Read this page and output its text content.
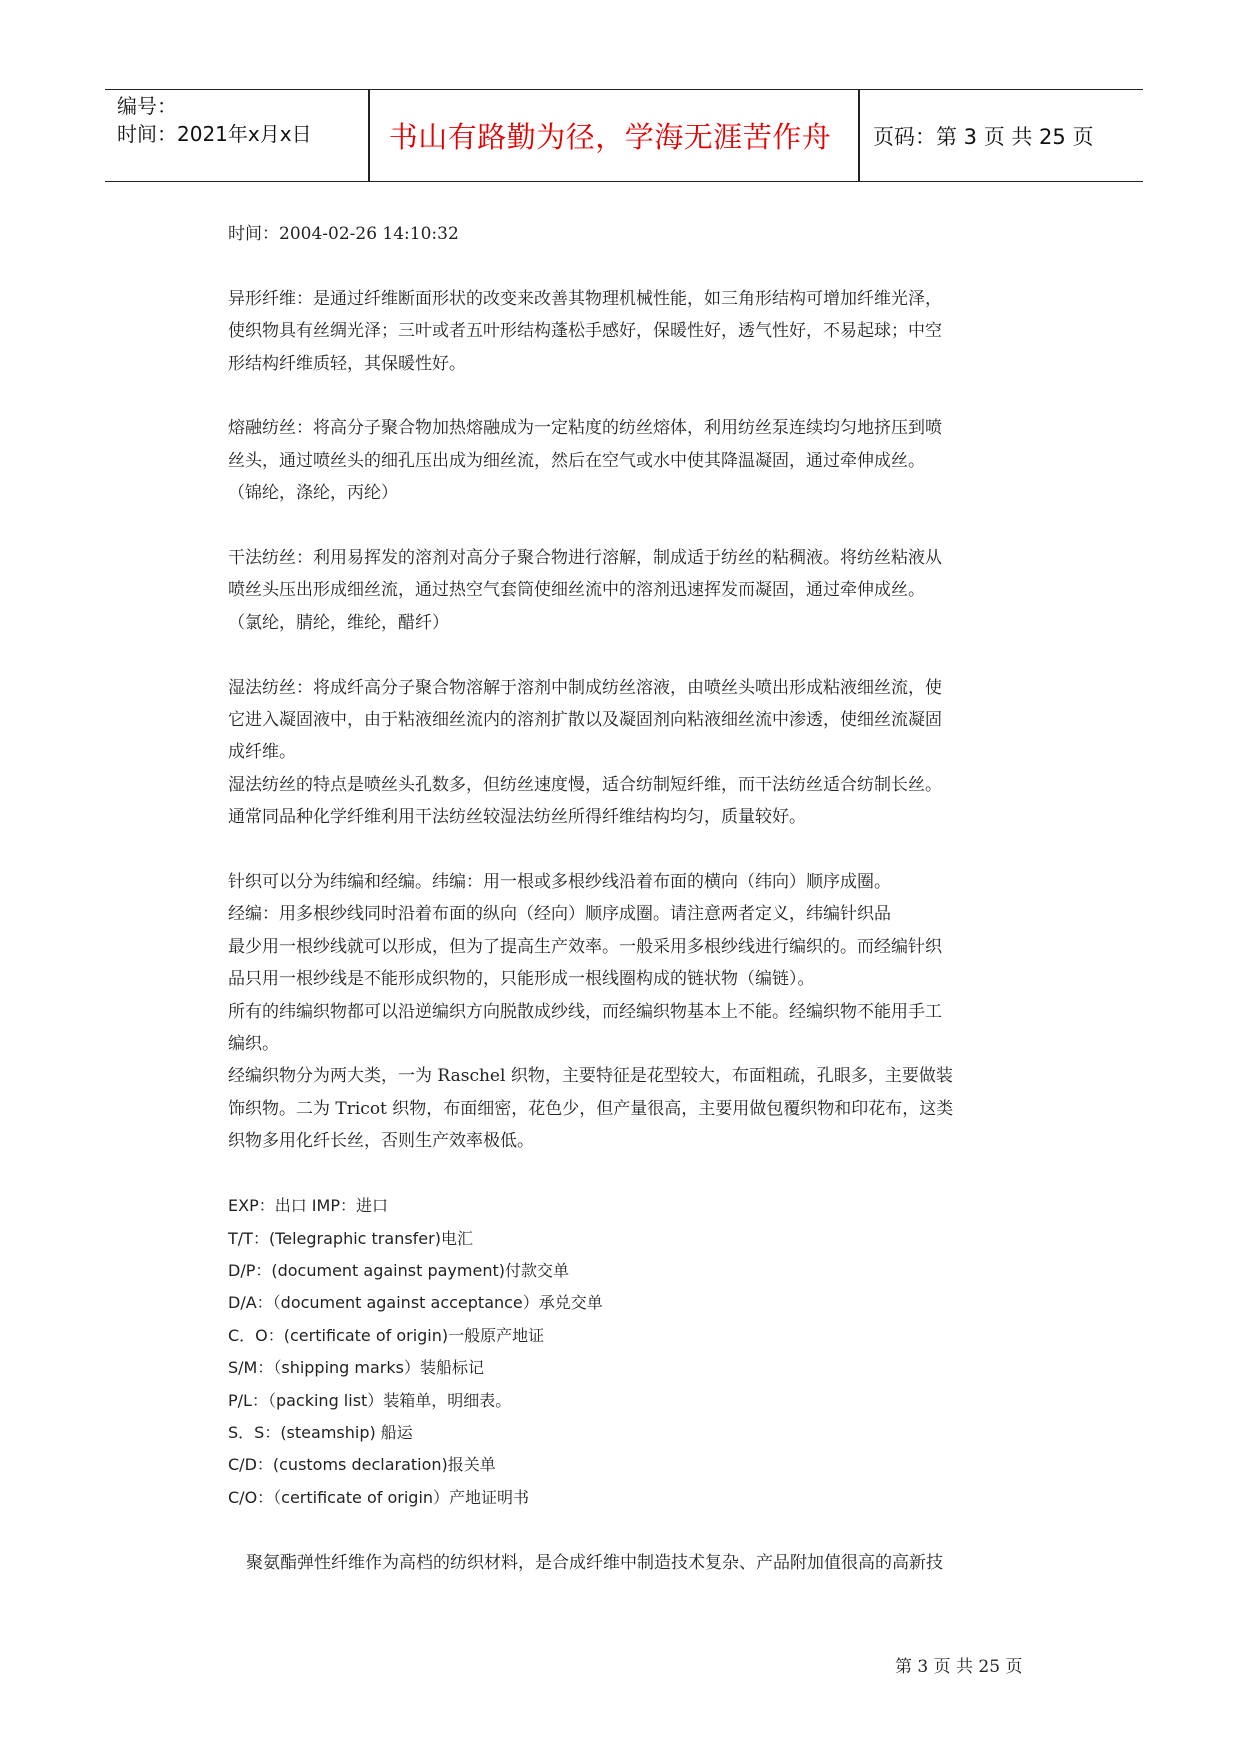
编号：
时间：2021年x月x日	书山有路勤为径，学海无涯苦作舟	页码：第 3 页 共 25 页

时间：2004-02-26 14:10:32

异形纤维：是通过纤维断面形状的改变来改善其物理机械性能，如三角形结构可增加纤维光泽，

使织物具有丝绸光泽；三叶或者五叶形结构蓬松手感好，保暖性好，透气性好，不易起球；中空

形结构纤维质轻，其保暖性好。

熔融纺丝：将高分子聚合物加热熔融成为一定粘度的纺丝熔体，利用纺丝泵连续均匀地挤压到喷

丝头，通过喷丝头的细孔压出成为细丝流，然后在空气或水中使其降温凝固，通过牵伸成丝。

（锦纶，涤纶，丙纶）

干法纺丝：利用易挥发的溶剂对高分子聚合物进行溶解，制成适于纺丝的粘稠液。将纺丝粘液从

喷丝头压出形成细丝流，通过热空气套筒使细丝流中的溶剂迅速挥发而凝固，通过牵伸成丝。

（氯纶，腈纶，维纶，醋纤）

湿法纺丝：将成纤高分子聚合物溶解于溶剂中制成纺丝溶液，由喷丝头喷出形成粘液细丝流，使

它进入凝固液中，由于粘液细丝流内的溶剂扩散以及凝固剂向粘液细丝流中渗透，使细丝流凝固

成纤维。

湿法纺丝的特点是喷丝头孔数多，但纺丝速度慢，适合纺制短纤维，而干法纺丝适合纺制长丝。

通常同品种化学纤维利用干法纺丝较湿法纺丝所得纤维结构均匀，质量较好。

针织可以分为纬编和经编。纬编：用一根或多根纱线沿着布面的横向（纬向）顺序成圈。

经编：用多根纱线同时沿着布面的纵向（经向）顺序成圈。请注意两者定义，纬编针织品

最少用一根纱线就可以形成，但为了提高生产效率。一般采用多根纱线进行编织的。而经编针织

品只用一根纱线是不能形成织物的，只能形成一根线圈构成的链状物（编链）。

所有的纬编织物都可以沿逆编织方向脱散成纱线，而经编织物基本上不能。经编织物不能用手工

编织。

经编织物分为两大类，一为 Raschel 织物，主要特征是花型较大，布面粗疏，孔眼多，主要做装

饰织物。二为 Tricot 织物，布面细密，花色少，但产量很高，主要用做包覆织物和印花布，这类

织物多用化纤长丝，否则生产效率极低。

EXP：出口 IMP：进口

T/T：(Telegraphic transfer)电汇

D/P：(document against payment)付款交单

D/A：（document against acceptance）承兑交单

C．O：(certificate of origin)一般原产地证

S/M：（shipping marks）装船标记

P/L：（packing list）装箱单，明细表。

S．S：(steamship) 船运

C/D：(customs declaration)报关单

C/O：（certificate of origin）产地证明书

聚氨酯弹性纤维作为高档的纺织材料，是合成纤维中制造技术复杂、产品附加值很高的高新技

第 3 页 共 25 页
